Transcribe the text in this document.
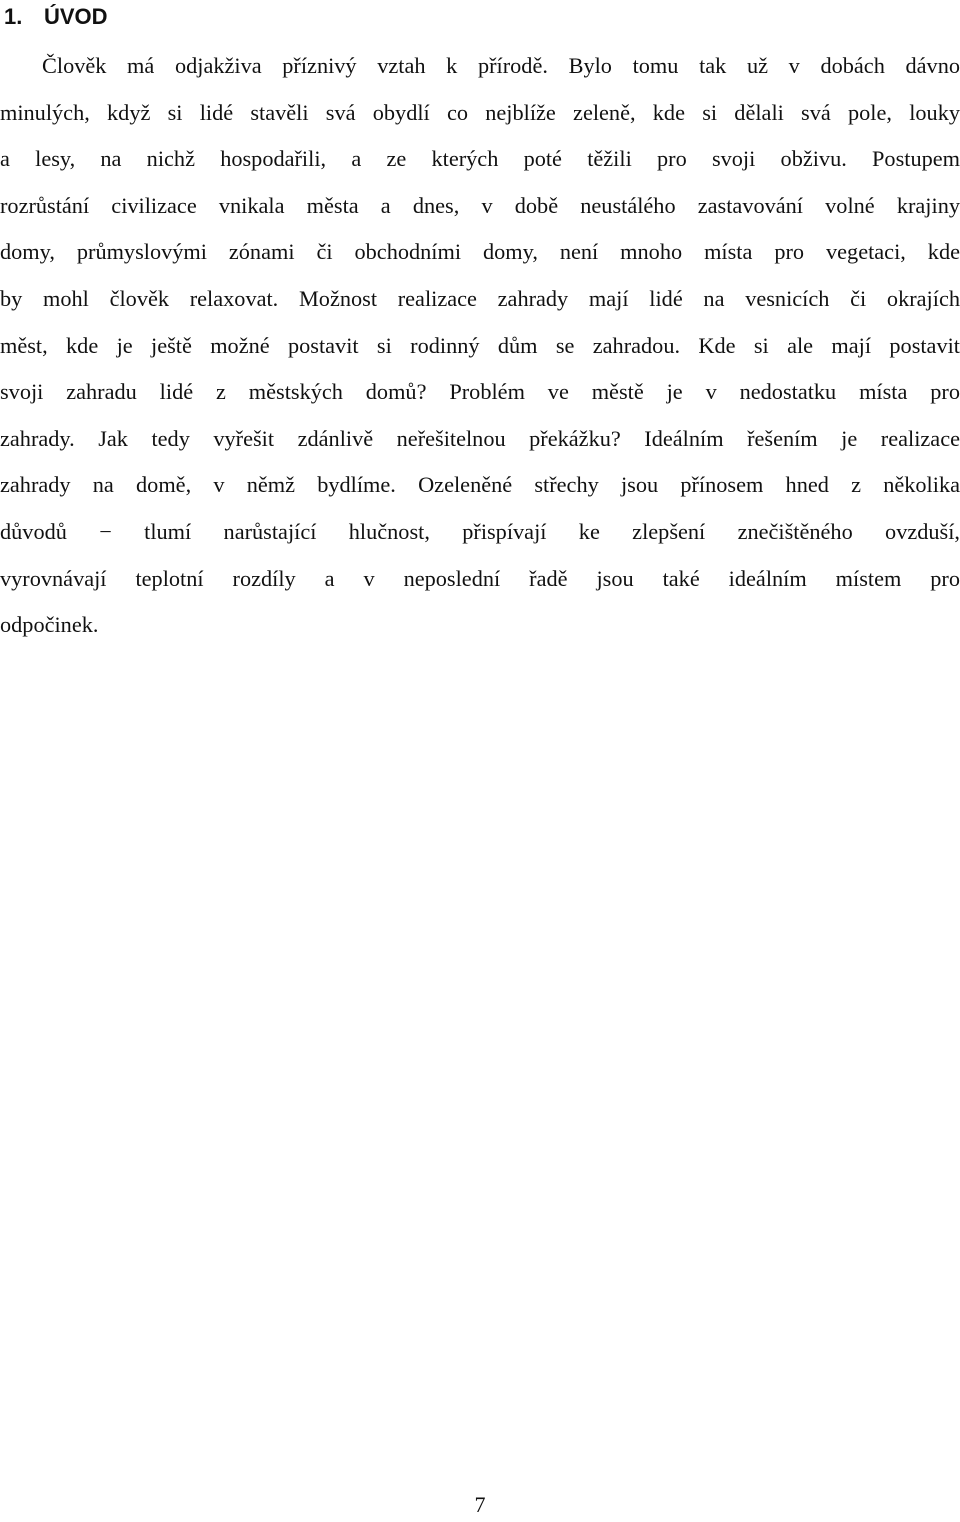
1. ÚVOD
Člověk má odjakživa příznivý vztah k přírodě. Bylo tomu tak už v dobách dávno
minulých, když si lidé stavěli svá obydlí co nejblíže zeleně, kde si dělali svá pole, louky
a lesy, na nichž hospodařili, a ze kterých poté těžili pro svoji obživu. Postupem
rozrůstání civilizace vnikala města a dnes, v době neustálého zastavování volné krajiny
domy, průmyslovými zónami či obchodními domy, není mnoho místa pro vegetaci, kde
by mohl člověk relaxovat. Možnost realizace zahrady mají lidé na vesnicích či okrajích
měst, kde je ještě možné postavit si rodinný dům se zahradou. Kde si ale mají postavit
svoji zahradu lidé z městských domů? Problém ve městě je v nedostatku místa pro
zahrady. Jak tedy vyřešit zdánlivě neřešitelnou překážku? Ideálním řešením je realizace
zahrady na domě, v němž bydlíme. Ozeleněné střechy jsou přínosem hned z několika
důvodů − tlumí narůstající hlučnost, přispívají ke zlepšení znečištěného ovzduší,
vyrovnávají teplotní rozdíly a v neposlední řadě jsou také ideálním místem pro
odpočinek.
7
